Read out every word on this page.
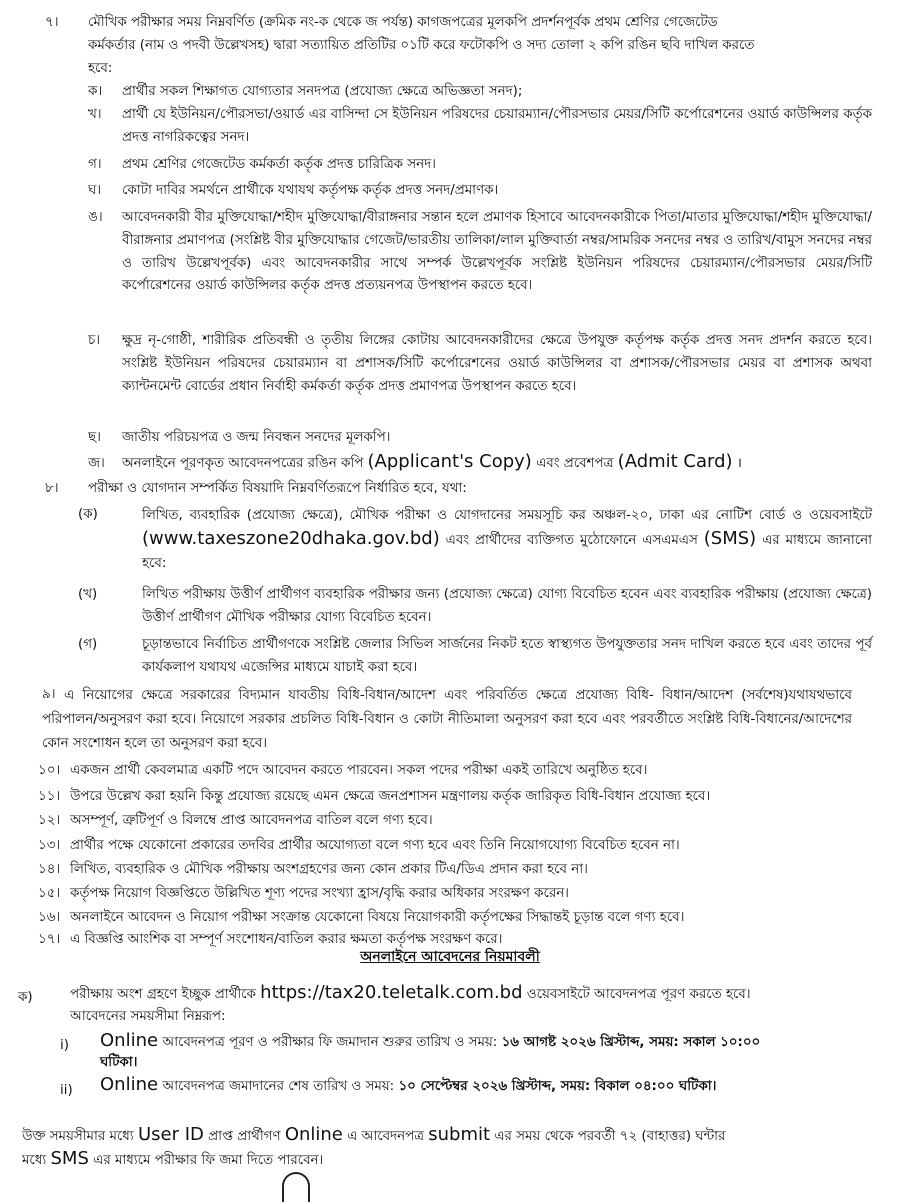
৭। মৌখিক পরীক্ষার সময় নিম্নবর্ণিত (ক্রমিক নং-ক থেকে জ পর্যন্ত) কাগজপত্রের মূলকপি প্রদর্শনপূর্বক প্রথম শ্রেণির গেজেটেড
কর্মকর্তার (নাম ও পদবী উল্লেখসহ) দ্বারা সত্যায়িত প্রতিটির ০১টি করে ফটোকপি ও সদ্য তোলা ২ কপি রঙিন ছবি দাখিল করতে
হবে:
ক। প্রার্থীর সকল শিক্ষাগত যোগ্যতার সনদপত্র (প্রযোজ্য ক্ষেত্রে অভিজ্ঞতা সনদ);
খ। প্রার্থী যে ইউনিয়ন/পৌরসভা/ওয়ার্ড এর বাসিন্দা সে ইউনিয়ন পরিষদের চেয়ারম্যান/পৌরসভার মেয়র/সিটি কর্পোরেশনের ওয়ার্ড কাউন্সিলর কর্তৃক প্রদত্ত নাগরিকত্বের সনদ।
গ। প্রথম শ্রেণির গেজেটেড কর্মকর্তা কর্তৃক প্রদত্ত চারিত্রিক সনদ।
ঘ। কোটা দাবির সমর্থনে প্রার্থীকে যথাযথ কর্তৃপক্ষ কর্তৃক প্রদত্ত সনদ/প্রমাণক।
ঙ। আবেদনকারী বীর মুক্তিযোদ্ধা/শহীদ মুক্তিযোদ্ধা/বীরাঙ্গনার সন্তান হলে প্রমাণক হিসাবে আবেদনকারীকে পিতা/মাতার মুক্তিযোদ্ধা/শহীদ মুক্তিযোদ্ধা/বীরাঙ্গনার প্রমাণপত্র (সংশ্লিষ্ট বীর মুক্তিযোদ্ধার গেজেট/ভারতীয় তালিকা/লাল মুক্তিবার্তা নম্বর/সামরিক সনদের নম্বর ও তারিখ/বামুস সনদের নম্বর ও তারিখ উল্লেখপূর্বক) এবং আবেদনকারীর সাথে সম্পর্ক উল্লেখপূর্বক সংশ্লিষ্ট ইউনিয়ন পরিষদের চেয়ারম্যান/পৌরসভার মেয়র/সিটি কর্পোরেশনের ওয়ার্ড কাউন্সিলর কর্তৃক প্রদত্ত প্রত্যয়নপত্র উপস্থাপন করতে হবে।
চ। ক্ষুদ্র নৃ-গোষ্ঠী, শারীরিক প্রতিবন্ধী ও তৃতীয় লিঙ্গের কোটায় আবেদনকারীদের ক্ষেত্রে উপযুক্ত কর্তৃপক্ষ কর্তৃক প্রদত্ত সনদ প্রদর্শন করতে হবে। সংশ্লিষ্ট ইউনিয়ন পরিষদের চেয়ারম্যান বা প্রশাসক/সিটি কর্পোরেশনের ওয়ার্ড কাউন্সিলর বা প্রশাসক/পৌরসভার মেয়র বা প্রশাসক অথবা ক্যান্টনমেন্ট বোর্ডের প্রধান নির্বাহী কর্মকর্তা কর্তৃক প্রদত্ত প্রমাণপত্র উপস্থাপন করতে হবে।
ছ। জাতীয় পরিচয়পত্র ও জন্ম নিবন্ধন সনদের মূলকপি।
জ। অনলাইনে পূরণকৃত আবেদনপত্রের রঙিন কপি (Applicant's Copy) এবং প্রবেশপত্র (Admit Card) ।
৮। পরীক্ষা ও যোগদান সম্পর্কিত বিষয়াদি নিম্নবর্ণিতরূপে নির্ধারিত হবে, যথা:
(ক)	লিখিত, ব্যবহারিক (প্রযোজ্য ক্ষেত্রে), মৌখিক পরীক্ষা ও যোগদানের সময়সূচি কর অঞ্চল-২০, ঢাকা এর নোটিশ বোর্ড ও ওয়েবসাইটে (www.taxeszone20dhaka.gov.bd) এবং প্রার্থীদের ব্যক্তিগত মুঠোফোনে এসএমএস (SMS) এর মাধ্যমে জানানো হবে:
(খ)	লিখিত পরীক্ষায় উত্তীর্ণ প্রার্থীগণ ব্যবহারিক পরীক্ষার জন্য (প্রযোজ্য ক্ষেত্রে) যোগ্য বিবেচিত হবেন এবং ব্যবহারিক পরীক্ষায় (প্রযোজ্য ক্ষেত্রে) উত্তীর্ণ প্রার্থীগণ মৌখিক পরীক্ষার যোগ্য বিবেচিত হবেন।
(গ)	চূড়ান্তভাবে নির্বাচিত প্রার্থীগণকে সংশ্লিষ্ট জেলার সিভিল সার্জনের নিকট হতে স্বাস্থ্যগত উপযুক্ততার সনদ দাখিল করতে হবে এবং তাদের পূর্ব কার্যকলাপ যথাযথ এজেন্সির মাধ্যমে যাচাই করা হবে।
৯। এ নিয়োগের ক্ষেত্রে সরকারের বিদ্যমান যাবতীয় বিধি-বিধান/আদেশ এবং পরিবর্তিত ক্ষেত্রে প্রযোজ্য বিধি- বিধান/আদেশ (সর্বশেষ)যথাযথভাবে পরিপালন/অনুসরণ করা হবে। নিয়োগে সরকার প্রচলিত বিধি-বিধান ও কোটা নীতিমালা অনুসরণ করা হবে এবং পরবর্তীতে সংশ্লিষ্ট বিধি-বিধানের/আদেশের কোন সংশোধন হলে তা অনুসরণ করা হবে।
১০। একজন প্রার্থী কেবলমাত্র একটি পদে আবেদন করতে পারবেন। সকল পদের পরীক্ষা একই তারিখে অনুষ্ঠিত হবে।
১১। উপরে উল্লেখ করা হয়নি কিন্তু প্রযোজ্য রয়েছে এমন ক্ষেত্রে জনপ্রশাসন মন্ত্রণালয় কর্তৃক জারিকৃত বিধি-বিধান প্রযোজ্য হবে।
১২। অসম্পূর্ণ, ত্রুটিপূর্ণ ও বিলম্বে প্রাপ্ত আবেদনপত্র বাতিল বলে গণ্য হবে।
১৩। প্রার্থীর পক্ষে যেকোনো প্রকারের তদবির প্রার্থীর অযোগ্যতা বলে গণ্য হবে এবং তিনি নিয়োগযোগ্য বিবেচিত হবেন না।
১৪। লিখিত, ব্যবহারিক ও মৌখিক পরীক্ষায় অংশগ্রহণের জন্য কোন প্রকার টিএ/ডিএ প্রদান করা হবে না।
১৫। কর্তৃপক্ষ নিয়োগ বিজ্ঞপ্তিতে উল্লিখিত শূণ্য পদের সংখ্যা হ্রাস/বৃদ্ধি করার অধিকার সংরক্ষণ করেন।
১৬। অনলাইনে আবেদন ও নিয়োগ পরীক্ষা সংক্রান্ত যেকোনো বিষয়ে নিয়োগকারী কর্তৃপক্ষের সিদ্ধান্তই চূড়ান্ত বলে গণ্য হবে।
১৭। এ বিজ্ঞপ্তি আংশিক বা সম্পূর্ণ সংশোধন/বাতিল করার ক্ষমতা কর্তৃপক্ষ সংরক্ষণ করে।
অনলাইনে আবেদনের নিয়মাবলী
ক)	পরীক্ষায় অংশ গ্রহণে ইচ্ছুক প্রার্থীকে https://tax20.teletalk.com.bd ওয়েবসাইটে আবেদনপত্র পূরণ করতে হবে।
আবেদনের সময়সীমা নিম্নরূপ:
i) Online আবেদনপত্র পূরণ ও পরীক্ষার ফি জমাদান শুরুর তারিখ ও সময়: ১৬ আগষ্ট ২০২৬ খ্রিস্টাব্দ, সময়: সকাল ১০:০০
ঘটিকা।
ii) Online আবেদনপত্র জমাদানের শেষ তারিখ ও সময়: ১০ সেপ্টেম্বর ২০২৬ খ্রিস্টাব্দ, সময়: বিকাল ০৪:০০ ঘটিকা।
উক্ত সময়সীমার মধ্যে User ID প্রাপ্ত প্রার্থীগণ Online এ আবেদনপত্র submit এর সময় থেকে পরবর্তী ৭২ (বাহাত্তর) ঘন্টার
মধ্যে SMS এর মাধ্যমে পরীক্ষার ফি জমা দিতে পারবেন।
